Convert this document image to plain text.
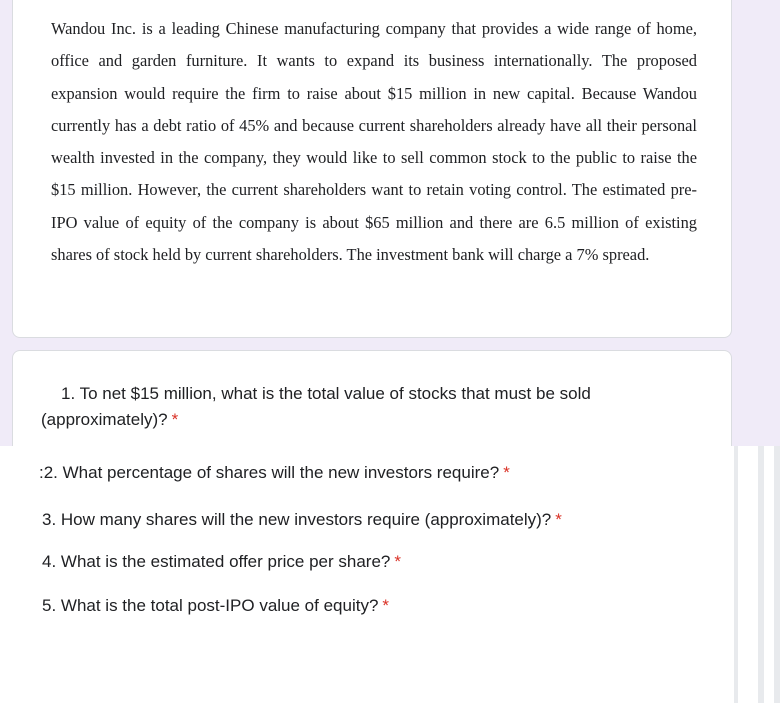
Wandou Inc. is a leading Chinese manufacturing company that provides a wide range of home, office and garden furniture. It wants to expand its business internationally. The proposed expansion would require the firm to raise about $15 million in new capital. Because Wandou currently has a debt ratio of 45% and because current shareholders already have all their personal wealth invested in the company, they would like to sell common stock to the public to raise the $15 million. However, the current shareholders want to retain voting control. The estimated pre-IPO value of equity of the company is about $65 million and there are 6.5 million of existing shares of stock held by current shareholders. The investment bank will charge a 7% spread.

1. To net $15 million, what is the total value of stocks that must be sold
(approximately)? *
:2. What percentage of shares will the new investors require? *
3. How many shares will the new investors require (approximately)? *
4. What is the estimated offer price per share? *
5. What is the total post-IPO value of equity? *
